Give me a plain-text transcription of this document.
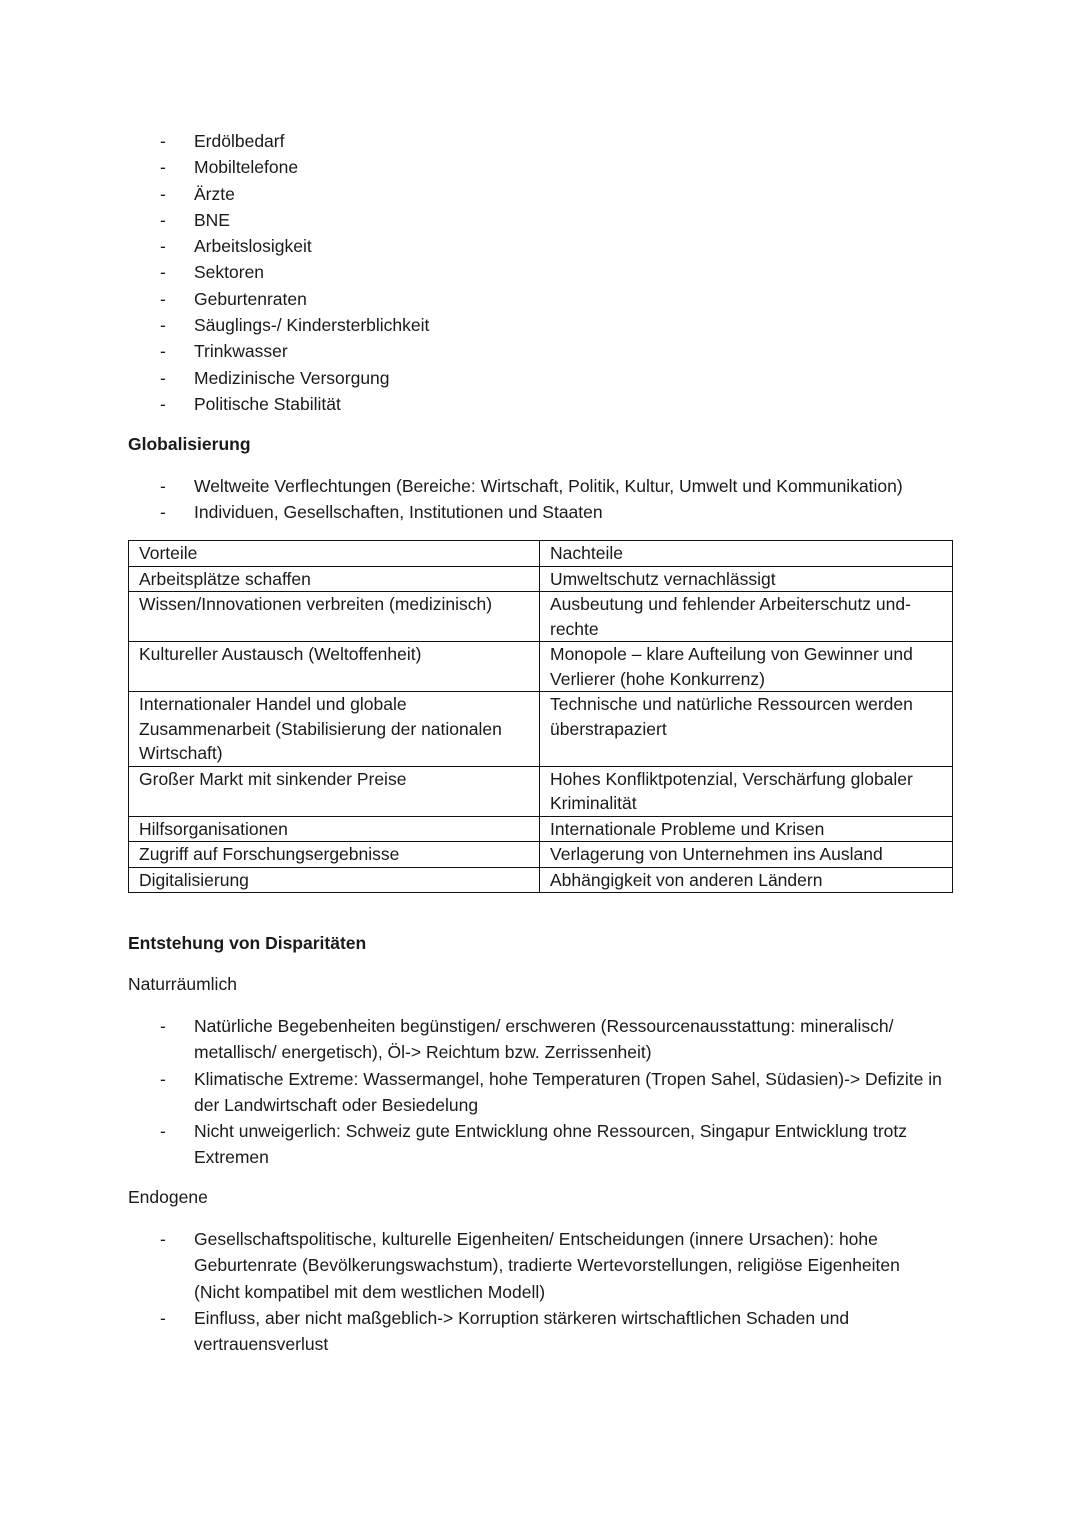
- Erdölbedarf
- Mobiltelefone
- Ärzte
- BNE
- Arbeitslosigkeit
- Sektoren
- Geburtenraten
- Säuglings-/ Kindersterblichkeit
- Trinkwasser
- Medizinische Versorgung
- Politische Stabilität
Globalisierung
- Weltweite Verflechtungen (Bereiche: Wirtschaft, Politik, Kultur, Umwelt und Kommunikation)
- Individuen, Gesellschaften, Institutionen und Staaten
Vorteile	Nachteile
Arbeitsplätze schaffen	Umweltschutz vernachlässigt
Wissen/Innovationen verbreiten (medizinisch)	Ausbeutung und fehlender Arbeiterschutz und-rechte
Kultureller Austausch (Weltoffenheit)	Monopole – klare Aufteilung von Gewinner und Verlierer (hohe Konkurrenz)
Internationaler Handel und globale Zusammenarbeit (Stabilisierung der nationalen Wirtschaft)	Technische und natürliche Ressourcen werden überstrapaziert
Großer Markt mit sinkender Preise	Hohes Konfliktpotenzial, Verschärfung globaler Kriminalität
Hilfsorganisationen	Internationale Probleme und Krisen
Zugriff auf Forschungsergebnisse	Verlagerung von Unternehmen ins Ausland
Digitalisierung	Abhängigkeit von anderen Ländern
Entstehung von Disparitäten
Naturräumlich
- Natürliche Begebenheiten begünstigen/ erschweren (Ressourcenausstattung: mineralisch/ metallisch/ energetisch), Öl-> Reichtum bzw. Zerrissenheit)
- Klimatische Extreme: Wassermangel, hohe Temperaturen (Tropen Sahel, Südasien)-> Defizite in der Landwirtschaft oder Besiedelung
- Nicht unweigerlich: Schweiz gute Entwicklung ohne Ressourcen, Singapur Entwicklung trotz Extremen
Endogene
- Gesellschaftspolitische, kulturelle Eigenheiten/ Entscheidungen (innere Ursachen): hohe Geburtenrate (Bevölkerungswachstum), tradierte Wertevorstellungen, religiöse Eigenheiten (Nicht kompatibel mit dem westlichen Modell)
- Einfluss, aber nicht maßgeblich-> Korruption stärkeren wirtschaftlichen Schaden und vertrauensverlust
